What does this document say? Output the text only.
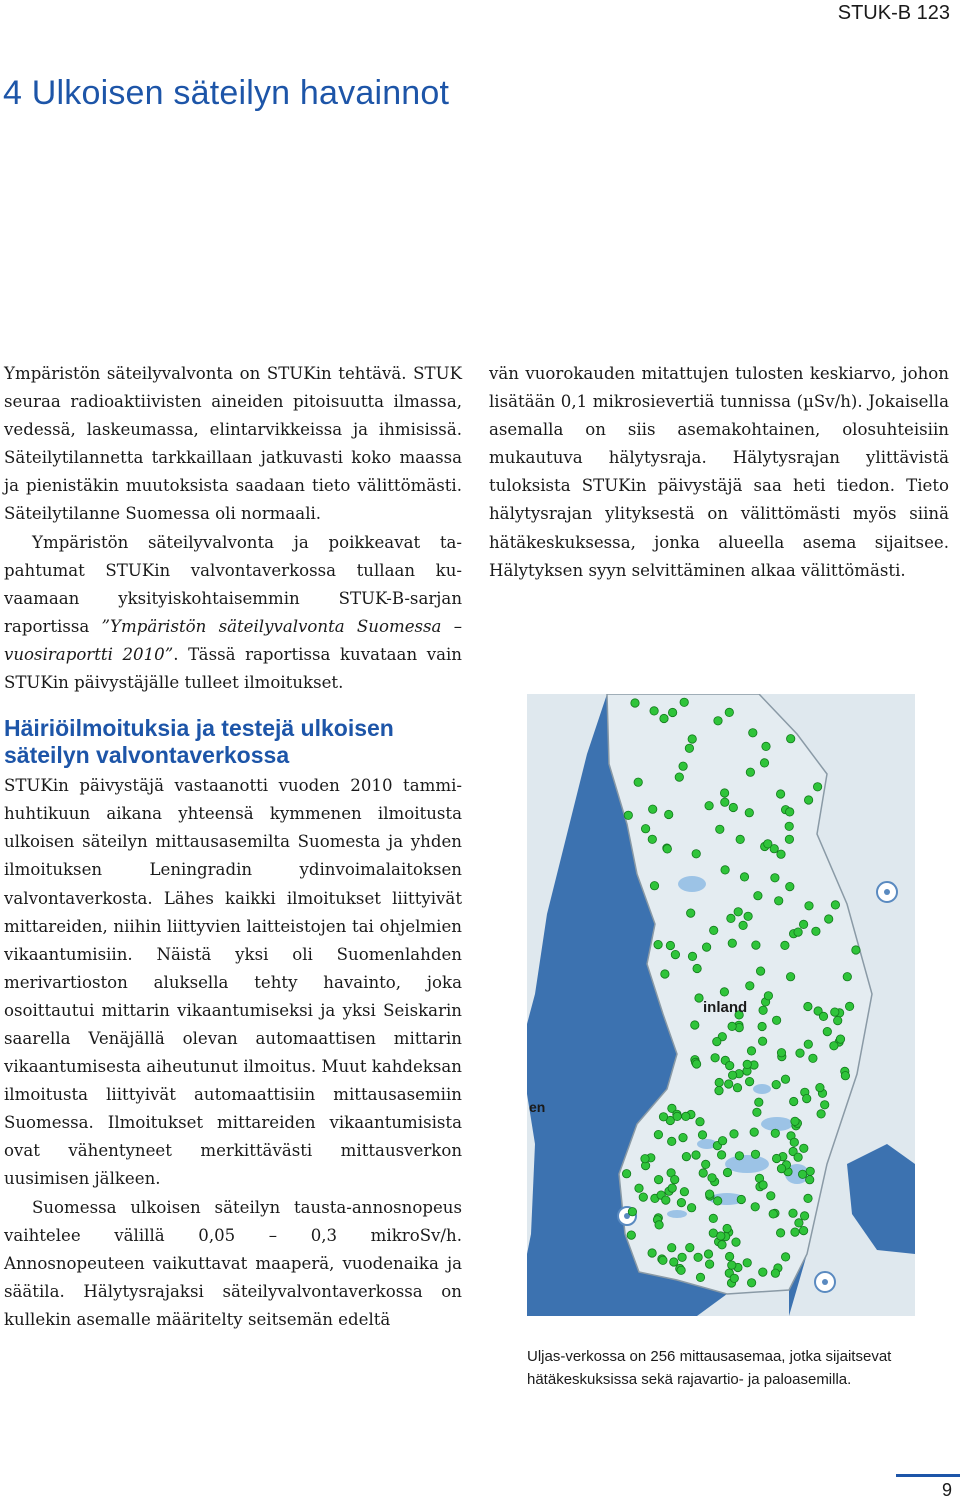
STUK-B 123
4 Ulkoisen säteilyn havainnot

Ympäristön säteilyvalvonta on STUKin tehtävä. STUK seuraa radioaktiivisten aineiden pitoisuutta ilmassa, vedessä, laskeumassa, elintarvikkeissa ja ihmisissä. Säteilytilannetta tarkkaillaan jatkuvasti koko maassa ja pienistäkin muutoksista saadaan tieto välittömästi. Säteilytilanne Suomessa oli normaali.

Ympäristön säteilyvalvonta ja poikkeavat tapahtumat STUKin valvontaverkossa tullaan kuvaamaan yksityiskohtaisemmin STUK-B-sarjan raportissa ”Ympäristön säteilyvalvonta Suomessa – vuosiraportti 2010”. Tässä raportissa kuvataan vain STUKin päivystäjälle tulleet ilmoitukset.

Häiriöilmoituksia ja testejä ulkoisen säteilyn valvontaverkossa

STUKin päivystäjä vastaanotti vuoden 2010 tammi-huhtikuun aikana yhteensä kymmenen ilmoitusta ulkoisen säteilyn mittausasemilta Suomesta ja yhden ilmoituksen Leningradin ydinvoimalaitoksen valvontaverkosta. Lähes kaikki ilmoitukset liittyivät mittareiden, niihin liittyvien laitteistojen tai ohjelmien vikaantumisiin. Näistä yksi oli Suomenlahden merivartioston aluksella tehty havainto, joka osoittautui mittarin vikaantumiseksi ja yksi Seiskarin saarella Venäjällä olevan automaattisen mittarin vikaantumisesta aiheutunut ilmoitus. Muut kahdeksan ilmoitusta liittyivät automaattisiin mittausasemiin Suomessa. Ilmoitukset mittareiden vikaantumisista ovat vähentyneet merkittävästi mittausverkon uusimisen jälkeen.

Suomessa ulkoisen säteilyn tausta-annosnopeus vaihtelee välillä 0,05 – 0,3 mikroSv/h. Annosnopeuteen vaikuttavat maaperä, vuodenaika ja säätila. Hälytysrajaksi säteilyvalvontaverkossa on kullekin asemalle määritelty seitsemän edeltä

vän vuorokauden mitattujen tulosten keskiarvo, johon lisätään 0,1 mikrosievertiä tunnissa (µSv/h). Jokaisella asemalla on siis asemakohtainen, olosuhteisiin mukautuva hälytysraja. Hälytysrajan ylittävistä tuloksista STUKin päivystäjä saa heti tiedon. Tieto hälytysrajan ylityksestä on välittömästi myös siinä hätäkeskuksessa, jonka alueella asema sijaitsee. Hälytyksen syyn selvittäminen alkaa välittömästi.

inland
en
Uljas-verkossa on 256 mittausasemaa, jotka sijaitsevat hätäkeskuksissa sekä rajavartio- ja paloasemilla.
9
